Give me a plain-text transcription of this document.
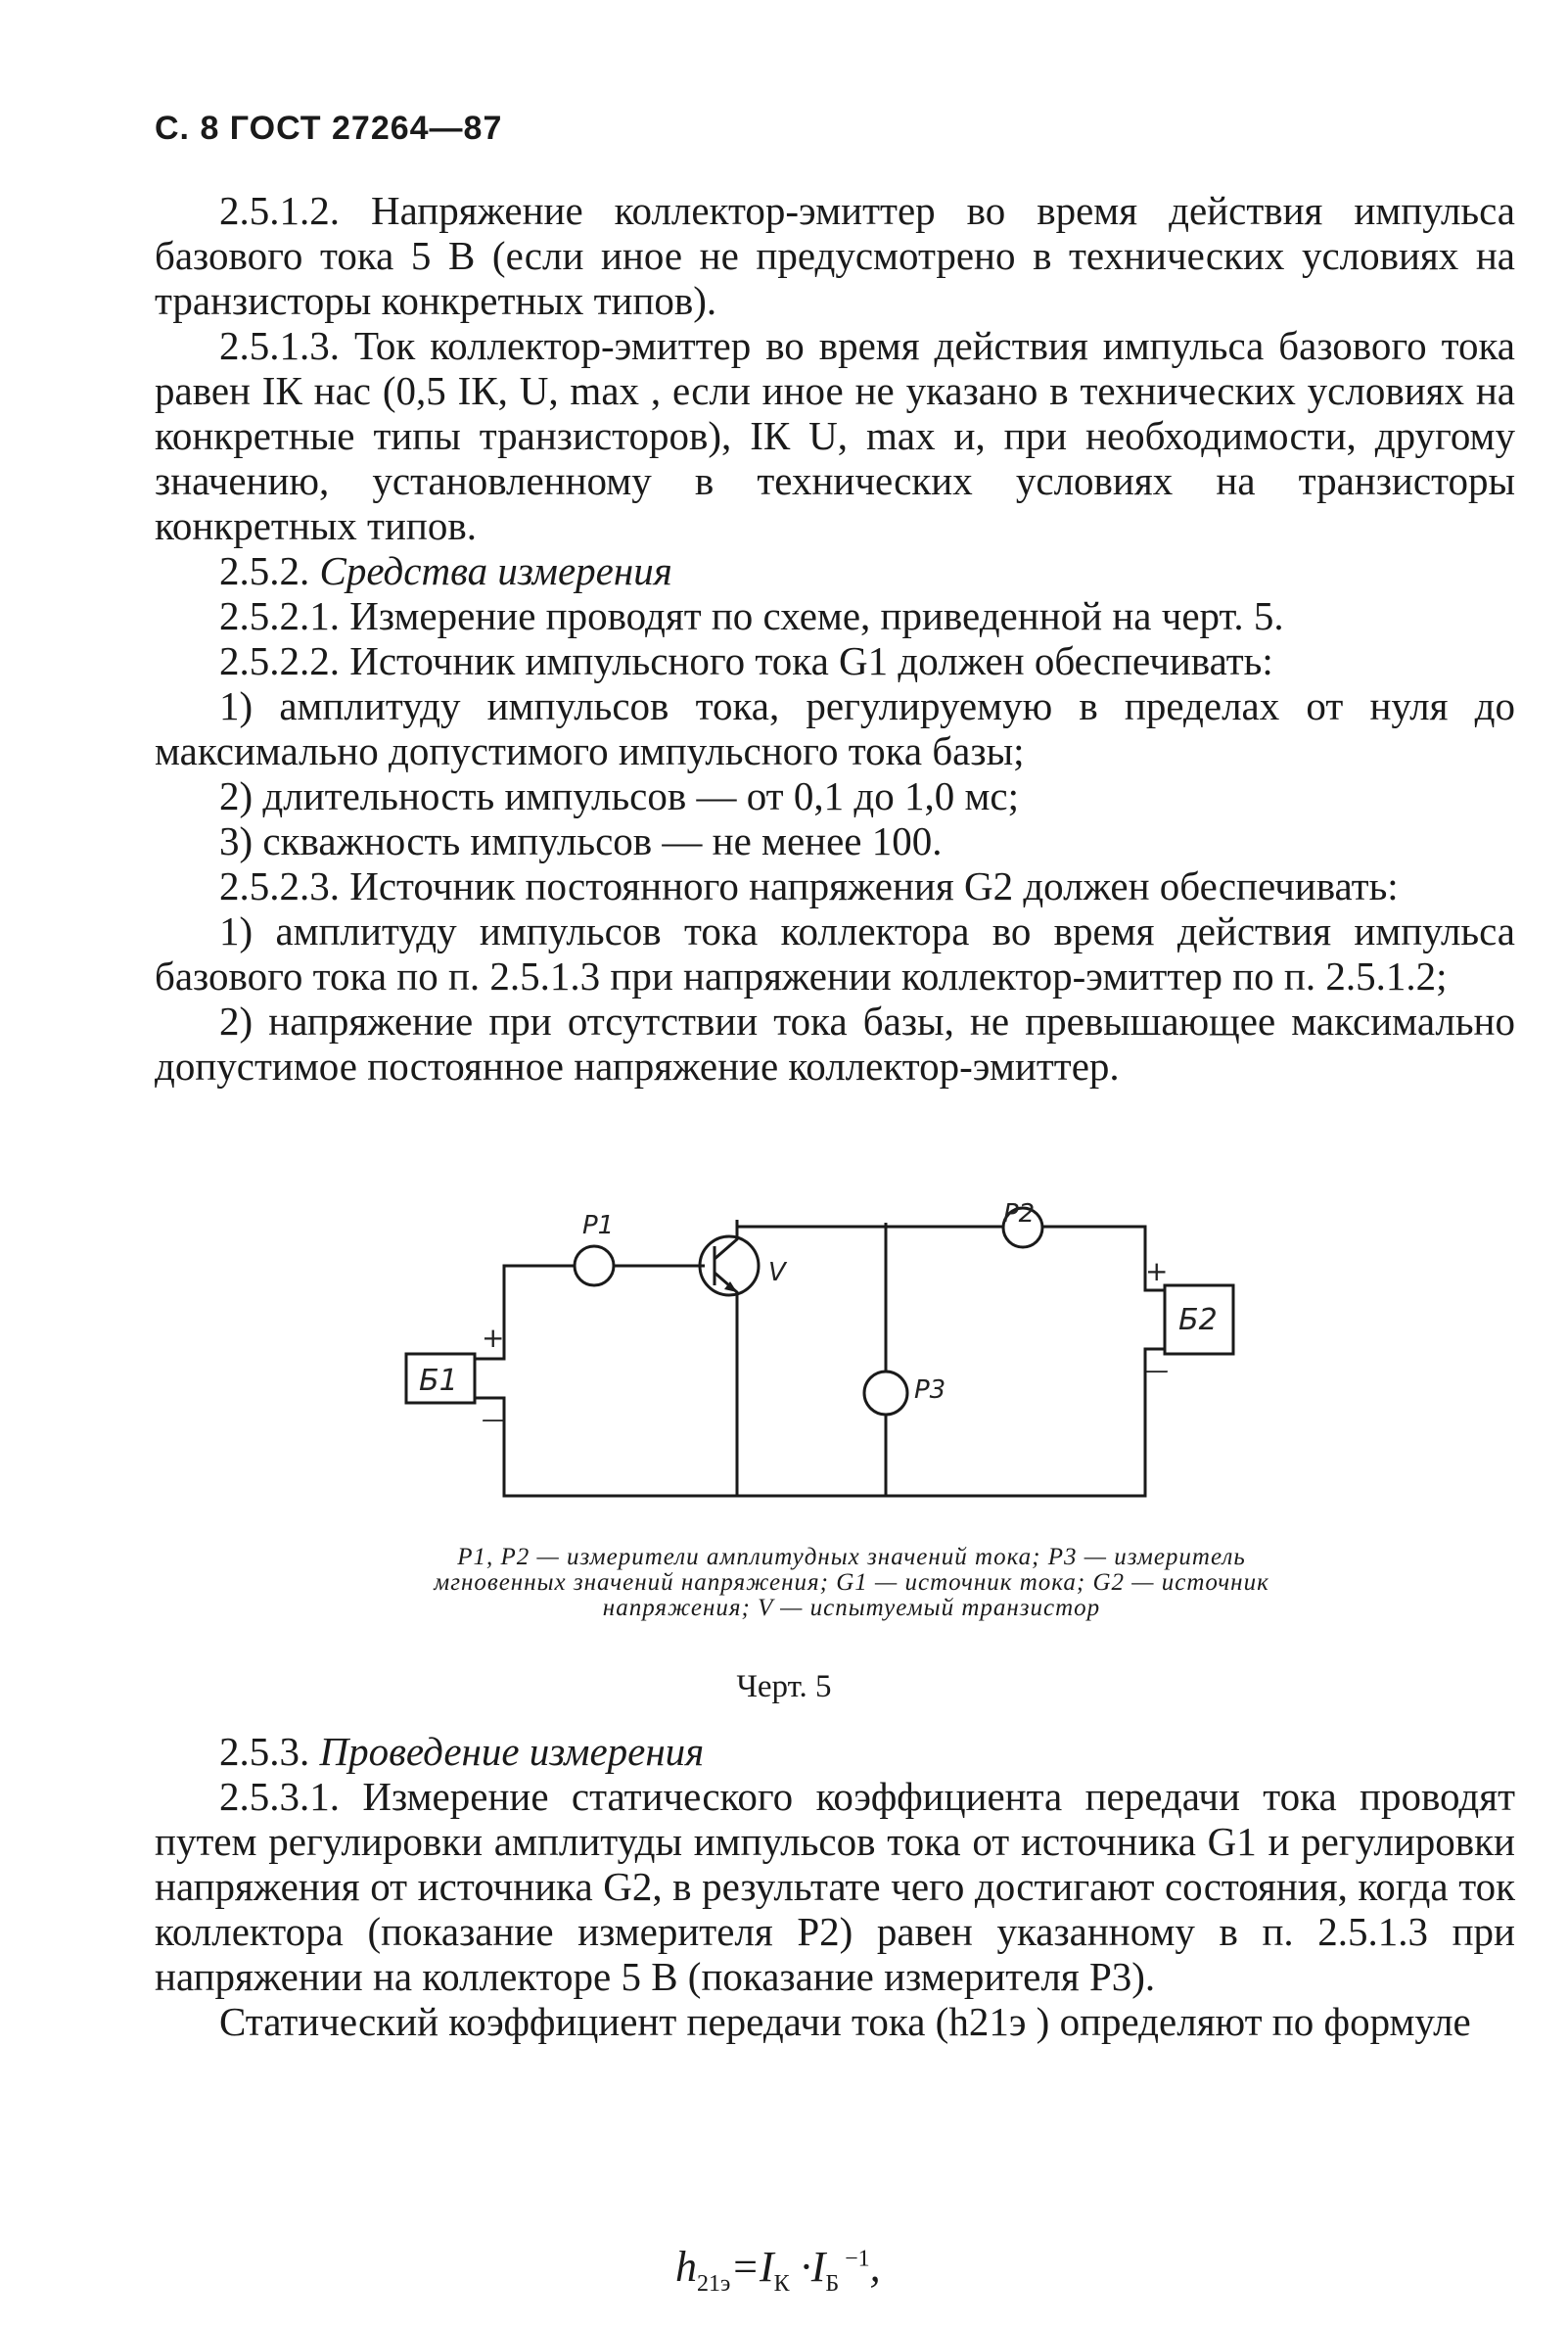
С. 8 ГОСТ 27264—87

2.5.1.2. Напряжение коллектор-эмиттер во время действия импульса базового тока 5 В (если иное не предусмотрено в технических условиях на транзисторы конкретных типов).

2.5.1.3. Ток коллектор-эмиттер во время действия импульса базового тока равен IК нас (0,5 IК, U, max , если иное не указано в технических условиях на конкретные типы транзисторов), IК U, max и, при необходимости, другому значению, установленному в технических условиях на транзисторы конкретных типов.

2.5.2. Средства измерения

2.5.2.1. Измерение проводят по схеме, приведенной на черт. 5.

2.5.2.2. Источник импульсного тока G1 должен обеспечивать:

1) амплитуду импульсов тока, регулируемую в пределах от нуля до максимально допустимого импульсного тока базы;

2) длительность импульсов — от 0,1 до 1,0 мс;

3) скважность импульсов — не менее 100.

2.5.2.3. Источник постоянного напряжения G2 должен обеспечивать:

1) амплитуду импульсов тока коллектора во время действия импульса базового тока по п. 2.5.1.3 при напряжении коллектор-эмиттер по п. 2.5.1.2;

2) напряжение при отсутствии тока базы, не превышающее максимально допустимое постоянное напряжение коллектор-эмиттер.

P1	P2
P3
V
Б1
Б2
+
—
+
—
P1, P2 — измерители амплитудных значений тока; P3 — измеритель мгновенных значений напряжения; G1 — источник тока; G2 — источник напряжения; V — испытуемый транзистор
Черт. 5

2.5.3. Проведение измерения

2.5.3.1. Измерение статического коэффициента передачи тока проводят путем регулировки амплитуды импульсов тока от источника G1 и регулировки напряжения от источника G2, в результате чего достигают состояния, когда ток коллектора (показание измерителя P2) равен указанному в п. 2.5.1.3 при напряжении на коллекторе 5 В (показание измерителя P3).

Статический коэффициент передачи тока (h21э ) определяют по формуле

$h_{21э}=I_К \cdot I_Б$ $^{-1}$,
